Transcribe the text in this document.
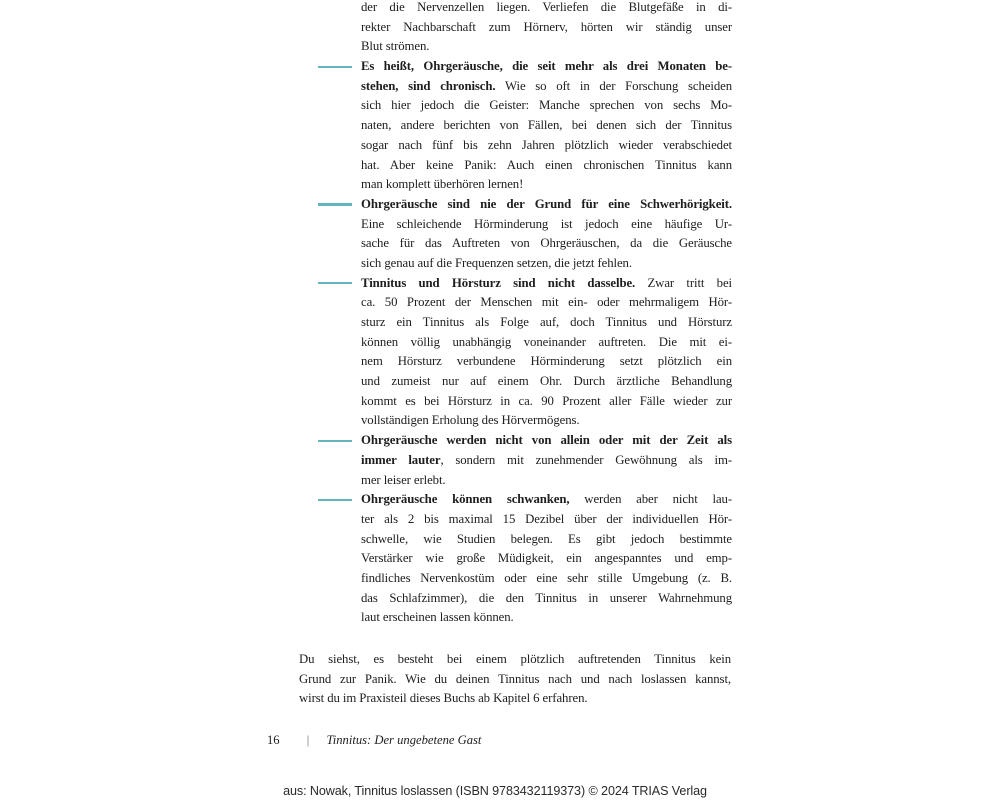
der die Nervenzellen liegen. Verliefen die Blutgefäße in di-
rekter Nachbarschaft zum Hörnerv, hörten wir ständig unser
Blut strömen.
Es heißt, Ohrgeräusche, die seit mehr als drei Monaten be-
stehen, sind chronisch. Wie so oft in der Forschung scheiden
sich hier jedoch die Geister: Manche sprechen von sechs Mo-
naten, andere berichten von Fällen, bei denen sich der Tinnitus
sogar nach fünf bis zehn Jahren plötzlich wieder verabschiedet
hat. Aber keine Panik: Auch einen chronischen Tinnitus kann
man komplett überhören lernen!
Ohrgeräusche sind nie der Grund für eine Schwerhörigkeit.
Eine schleichende Hörminderung ist jedoch eine häufige Ur-
sache für das Auftreten von Ohrgeräuschen, da die Geräusche
sich genau auf die Frequenzen setzen, die jetzt fehlen.
Tinnitus und Hörsturz sind nicht dasselbe. Zwar tritt bei
ca. 50 Prozent der Menschen mit ein- oder mehrmaligem Hör-
sturz ein Tinnitus als Folge auf, doch Tinnitus und Hörsturz
können völlig unabhängig voneinander auftreten. Die mit ei-
nem Hörsturz verbundene Hörminderung setzt plötzlich ein
und zumeist nur auf einem Ohr. Durch ärztliche Behandlung
kommt es bei Hörsturz in ca. 90 Prozent aller Fälle wieder zur
vollständigen Erholung des Hörvermögens.
Ohrgeräusche werden nicht von allein oder mit der Zeit als
immer lauter, sondern mit zunehmender Gewöhnung als im-
mer leiser erlebt.
Ohrgeräusche können schwanken, werden aber nicht lau-
ter als 2 bis maximal 15 Dezibel über der individuellen Hör-
schwelle, wie Studien belegen. Es gibt jedoch bestimmte
Verstärker wie große Müdigkeit, ein angespanntes und emp-
findliches Nervenkostüm oder eine sehr stille Umgebung (z. B.
das Schlafzimmer), die den Tinnitus in unserer Wahrnehmung
laut erscheinen lassen können.
Du siehst, es besteht bei einem plötzlich auftretenden Tinnitus kein
Grund zur Panik. Wie du deinen Tinnitus nach und nach loslassen kannst,
wirst du im Praxisteil dieses Buchs ab Kapitel 6 erfahren.
16 | Tinnitus: Der ungebetene Gast
aus: Nowak, Tinnitus loslassen (ISBN 9783432119373) © 2024 TRIAS Verlag
